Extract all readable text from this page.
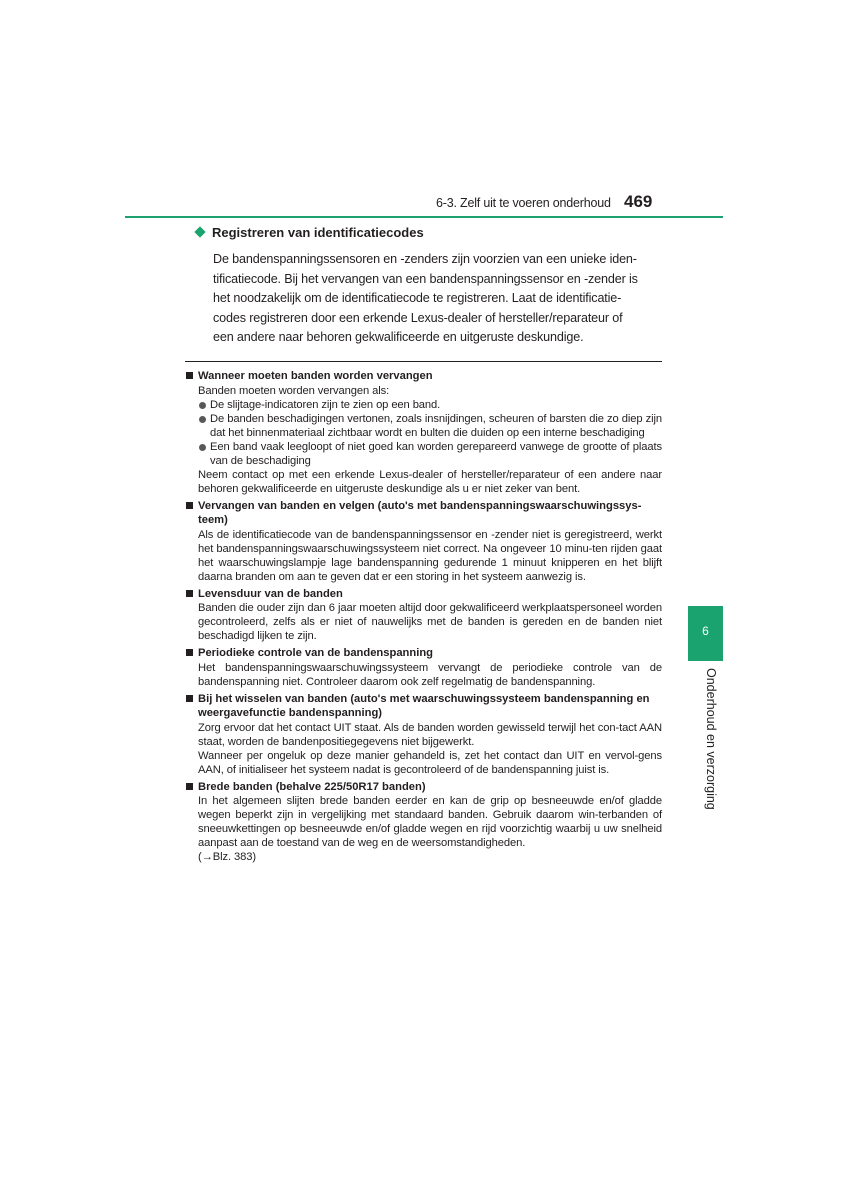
6-3. Zelf uit te voeren onderhoud 469
6
Onderhoud en verzorging
Registreren van identificatiecodes
De bandenspanningssensoren en -zenders zijn voorzien van een unieke iden-
tificatiecode. Bij het vervangen van een bandenspanningssensor en -zender is
het noodzakelijk om de identificatiecode te registreren. Laat de identificatie-
codes registreren door een erkende Lexus-dealer of hersteller/reparateur of
een andere naar behoren gekwalificeerde en uitgeruste deskundige.
Wanneer moeten banden worden vervangen

Banden moeten worden vervangen als:

De slijtage-indicatoren zijn te zien op een band.
De banden beschadigingen vertonen, zoals insnijdingen, scheuren of barsten die zo diep zijn dat het binnenmateriaal zichtbaar wordt en bulten die duiden op een interne beschadiging
Een band vaak leegloopt of niet goed kan worden gerepareerd vanwege de grootte of plaats van de beschadiging

Neem contact op met een erkende Lexus-dealer of hersteller/reparateur of een andere naar behoren gekwalificeerde en uitgeruste deskundige als u er niet zeker van bent.

Vervangen van banden en velgen (auto's met bandenspanningswaarschuwingssys-teem)

Als de identificatiecode van de bandenspanningssensor en -zender niet is geregistreerd, werkt het bandenspanningswaarschuwingssysteem niet correct. Na ongeveer 10 minu-ten rijden gaat het waarschuwingslampje lage bandenspanning gedurende 1 minuut knipperen en het blijft daarna branden om aan te geven dat er een storing in het systeem aanwezig is.

Levensduur van de banden

Banden die ouder zijn dan 6 jaar moeten altijd door gekwalificeerd werkplaatspersoneel worden gecontroleerd, zelfs als er niet of nauwelijks met de banden is gereden en de banden niet beschadigd lijken te zijn.

Periodieke controle van de bandenspanning

Het bandenspanningswaarschuwingssysteem vervangt de periodieke controle van de bandenspanning niet. Controleer daarom ook zelf regelmatig de bandenspanning.

Bij het wisselen van banden (auto's met waarschuwingssysteem bandenspanning en weergavefunctie bandenspanning)

Zorg ervoor dat het contact UIT staat. Als de banden worden gewisseld terwijl het con-tact AAN staat, worden de bandenpositiegegevens niet bijgewerkt.

Wanneer per ongeluk op deze manier gehandeld is, zet het contact dan UIT en vervol-gens AAN, of initialiseer het systeem nadat is gecontroleerd of de bandenspanning juist is.

Brede banden (behalve 225/50R17 banden)

In het algemeen slijten brede banden eerder en kan de grip op besneeuwde en/of gladde wegen beperkt zijn in vergelijking met standaard banden. Gebruik daarom win-terbanden of sneeuwkettingen op besneeuwde en/of gladde wegen en rijd voorzichtig waarbij u uw snelheid aanpast aan de toestand van de weg en de weersomstandigheden.

(→Blz. 383)
